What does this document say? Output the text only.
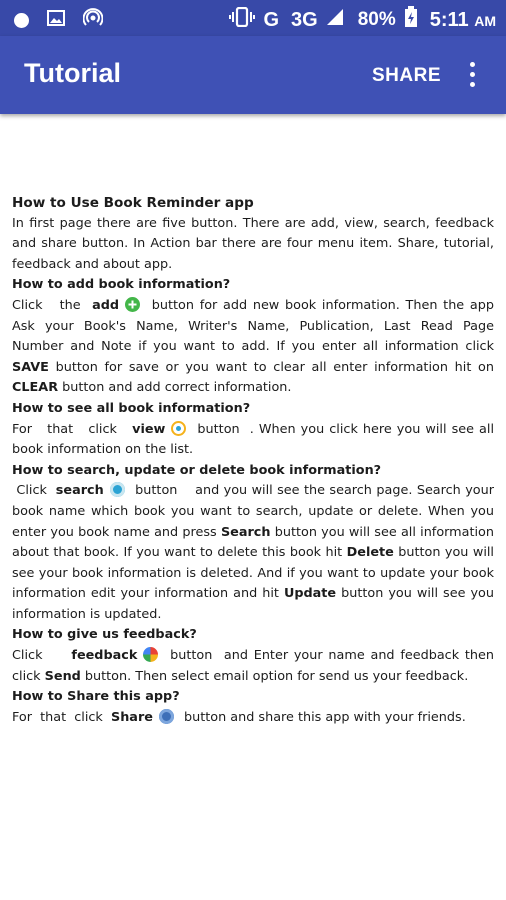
G 3G 80% 5:11 AM
Tutorial	SHARE

How to Use Book Reminder app

In first page there are five button. There are add, view, search, feedback and share button. In Action bar there are four menu item. Share, tutorial, feedback and about app.

How to add book information?

Click   the  add
button for add new book information. Then the app Ask your Book's Name, Writer's Name, Publication, Last Read Page Number and Note if you want to add. If you enter all information click SAVE button for save or you want to clear all enter information hit on CLEAR button and add correct information.

How to see all book information?

For   that   click   view
button  . When you click here you will see all book information on the list.

How to search, update or delete book information?

Click  search button    and you will see the search page. Search your book name which book you want to search, update or delete. When you enter you book name and press Search button you will see all information about that book. If you want to delete this book hit Delete button you will see your book information is deleted. And if you want to update your book information edit your information and hit Update button you will see you information is updated.

How to give us feedback?

Click     feedback button  and Enter your name and feedback then click Send button. Then select email option for send us your feedback.

How to Share this app?

For  that  click  Share button and share this app with your friends.
